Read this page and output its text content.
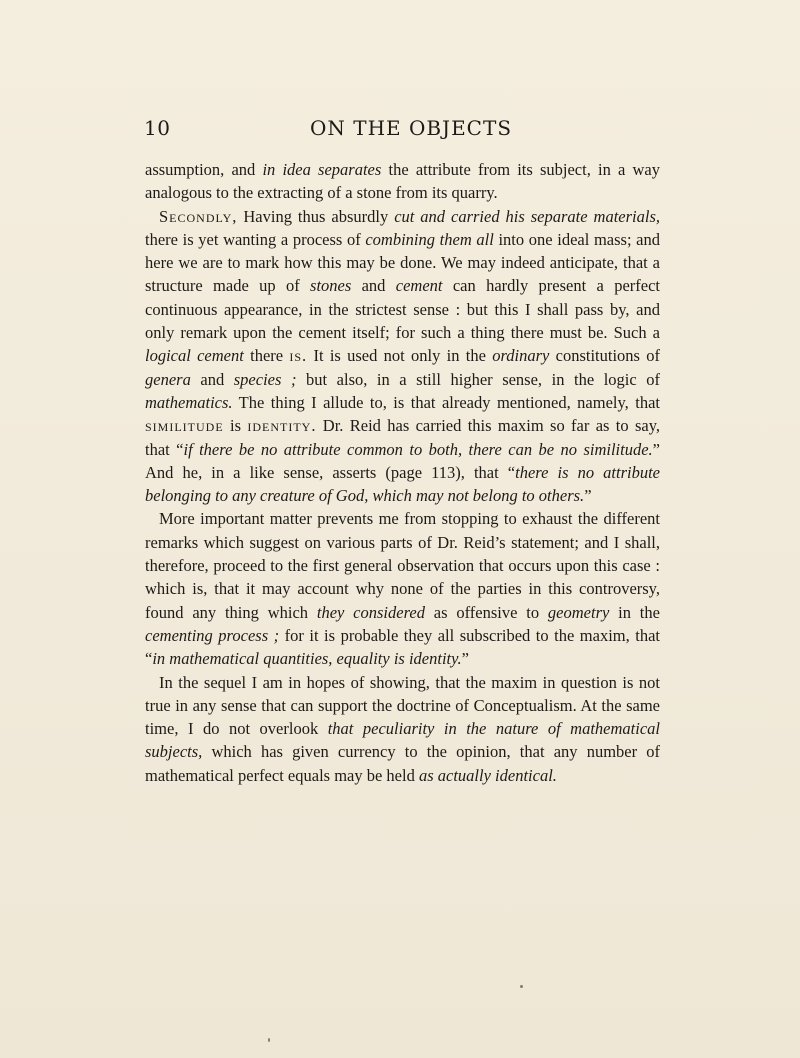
10	ON THE OBJECTS

assumption, and in idea separates the attribute from its subject, in a way analogous to the extracting of a stone from its quarry.

Secondly, Having thus absurdly cut and carried his separate materials, there is yet wanting a process of combining them all into one ideal mass; and here we are to mark how this may be done. We may indeed anticipate, that a structure made up of stones and cement can hardly present a perfect continuous appearance, in the strictest sense : but this I shall pass by, and only remark upon the cement itself; for such a thing there must be. Such a logical cement there is. It is used not only in the ordinary constitutions of genera and species ; but also, in a still higher sense, in the logic of mathematics. The thing I allude to, is that already mentioned, namely, that similitude is identity. Dr. Reid has carried this maxim so far as to say, that “if there be no attribute common to both, there can be no similitude.” And he, in a like sense, asserts (page 113), that “there is no attribute belonging to any creature of God, which may not belong to others.”

More important matter prevents me from stopping to exhaust the different remarks which suggest on various parts of Dr. Reid’s statement; and I shall, therefore, proceed to the first general observation that occurs upon this case : which is, that it may account why none of the parties in this controversy, found any thing which they considered as offensive to geometry in the cementing process ; for it is probable they all subscribed to the maxim, that “in mathematical quantities, equality is identity.”

In the sequel I am in hopes of showing, that the maxim in question is not true in any sense that can support the doctrine of Conceptualism. At the same time, I do not overlook that peculiarity in the nature of mathematical subjects, which has given currency to the opinion, that any number of mathematical perfect equals may be held as actually identical.
